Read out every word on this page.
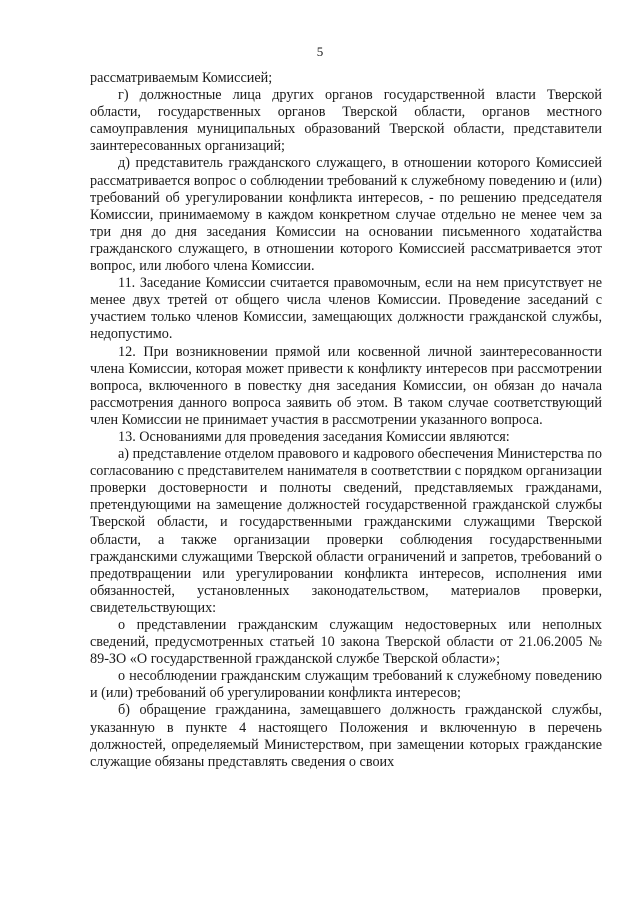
5

рассматриваемым Комиссией;

г) должностные лица других органов государственной власти Тверской области, государственных органов Тверской области, органов местного самоуправления муниципальных образований Тверской области, представители заинтересованных организаций;

д) представитель гражданского служащего, в отношении которого Комиссией рассматривается вопрос о соблюдении требований к служебному поведению и (или) требований об урегулировании конфликта интересов, - по решению председателя Комиссии, принимаемому в каждом конкретном случае отдельно не менее чем за три дня до дня заседания Комиссии на основании письменного ходатайства гражданского служащего, в отношении которого Комиссией рассматривается этот вопрос, или любого члена Комиссии.

11. Заседание Комиссии считается правомочным, если на нем присутствует не менее двух третей от общего числа членов Комиссии. Проведение заседаний с участием только членов Комиссии, замещающих должности гражданской службы, недопустимо.

12. При возникновении прямой или косвенной личной заинтересованности члена Комиссии, которая может привести к конфликту интересов при рассмотрении вопроса, включенного в повестку дня заседания Комиссии, он обязан до начала рассмотрения данного вопроса заявить об этом. В таком случае соответствующий член Комиссии не принимает участия в рассмотрении указанного вопроса.

13. Основаниями для проведения заседания Комиссии являются:

а) представление отделом правового и кадрового обеспечения Министерства по согласованию с представителем нанимателя в соответствии с порядком организации проверки достоверности и полноты сведений, представляемых гражданами, претендующими на замещение должностей государственной гражданской службы Тверской области, и государственными гражданскими служащими Тверской области, а также организации проверки соблюдения государственными гражданскими служащими Тверской области ограничений и запретов, требований о предотвращении или урегулировании конфликта интересов, исполнения ими обязанностей, установленных законодательством, материалов проверки, свидетельствующих:

о представлении гражданским служащим недостоверных или неполных сведений, предусмотренных статьей 10 закона Тверской области от 21.06.2005 № 89-ЗО «О государственной гражданской службе Тверской области»;

о несоблюдении гражданским служащим требований к служебному поведению и (или) требований об урегулировании конфликта интересов;

б) обращение гражданина, замещавшего должность гражданской службы, указанную в пункте 4 настоящего Положения и включенную в перечень должностей, определяемый Министерством, при замещении которых гражданские служащие обязаны представлять сведения о своих
